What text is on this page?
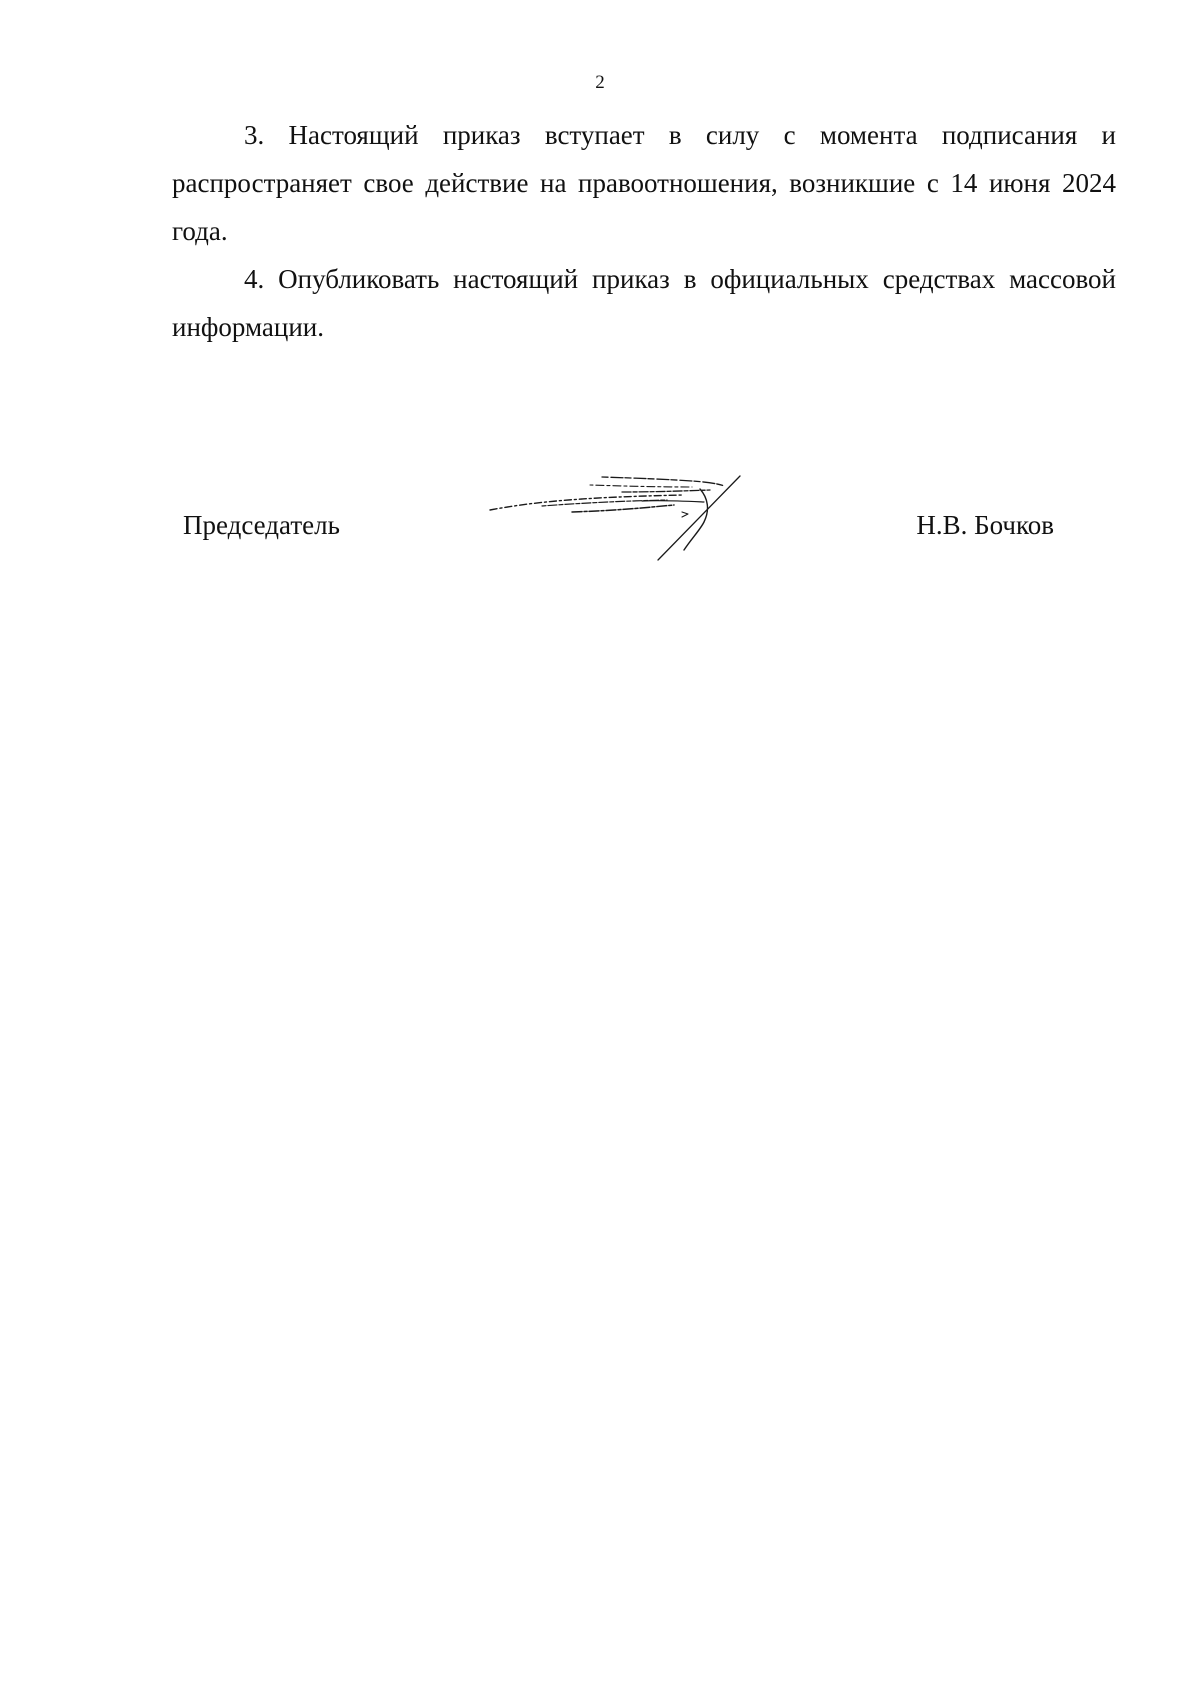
2

3. Настоящий приказ вступает в силу с момента подписания и распространяет свое действие на правоотношения, возникшие с 14 июня 2024 года.

4. Опубликовать настоящий приказ в официальных средствах массовой информации.

Председатель	Н.В. Бочков
